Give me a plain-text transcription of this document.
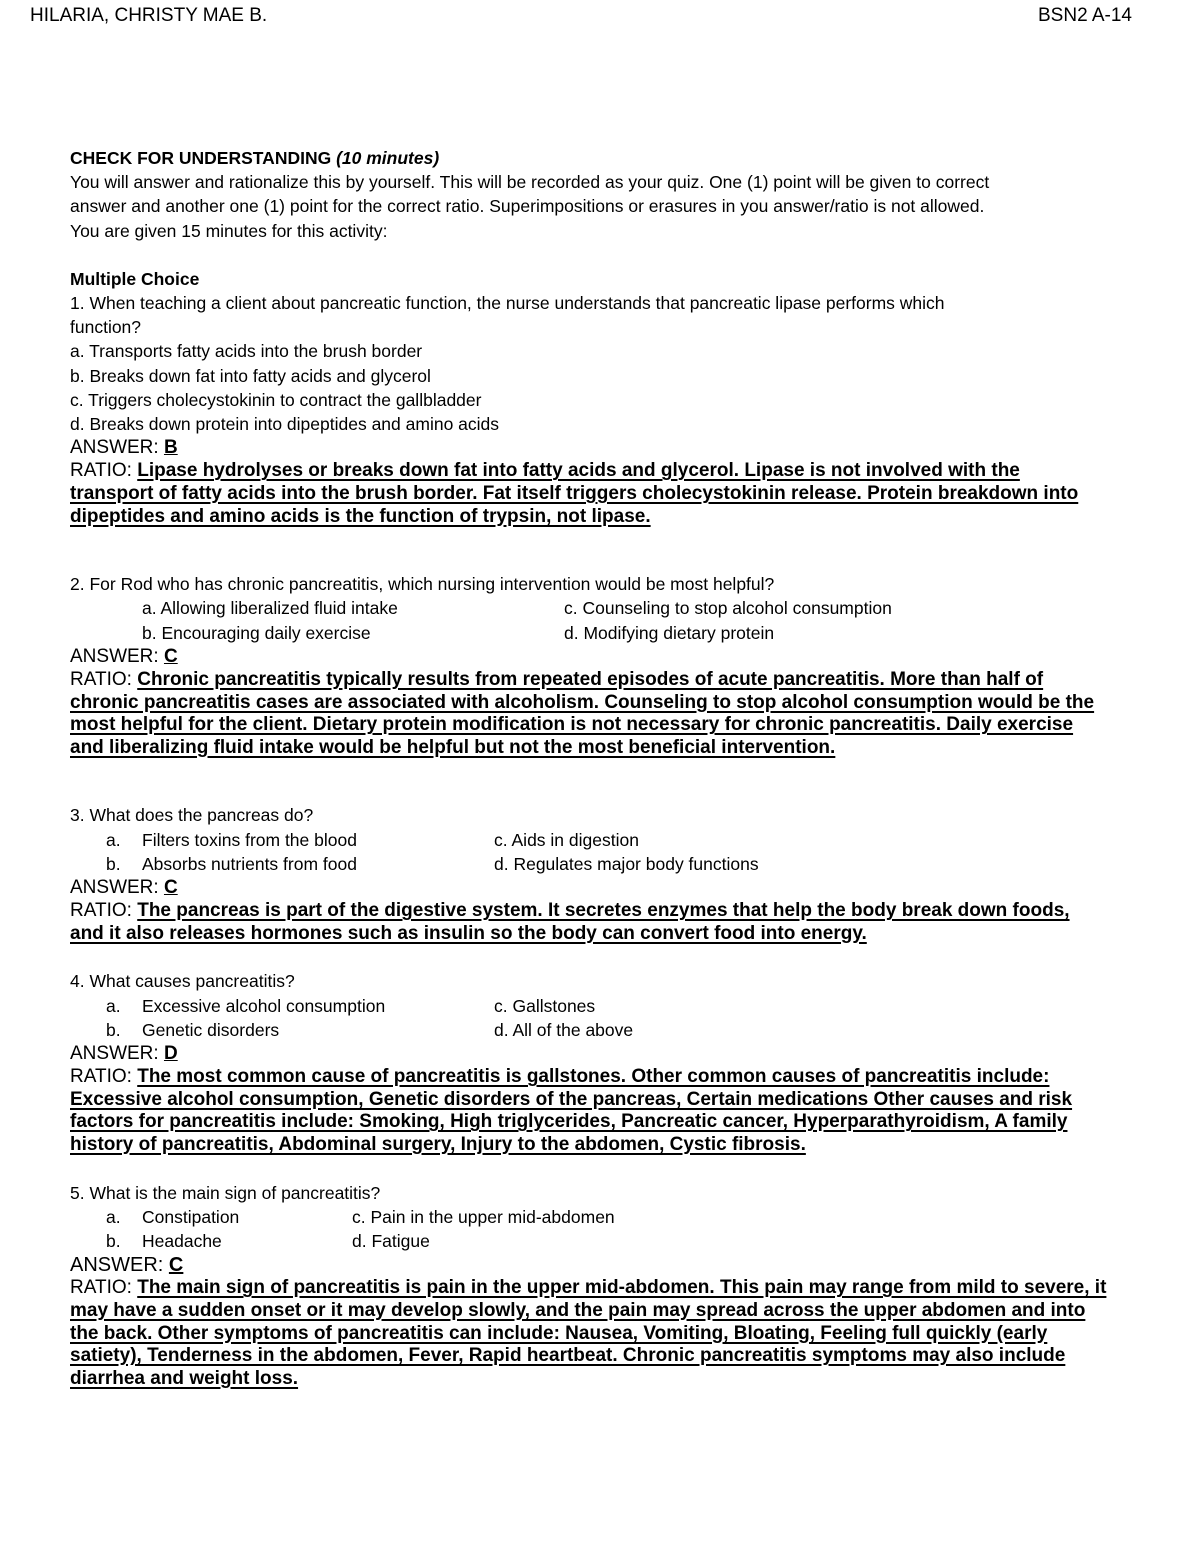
HILARIA, CHRISTY MAE B.	BSN2 A-14

CHECK FOR UNDERSTANDING (10 minutes)

You will answer and rationalize this by yourself. This will be recorded as your quiz. One (1) point will be given to correct

answer and another one (1) point for the correct ratio. Superimpositions or erasures in you answer/ratio is not allowed.

You are given 15 minutes for this activity:

Multiple Choice

1. When teaching a client about pancreatic function, the nurse understands that pancreatic lipase performs which

function?

a. Transports fatty acids into the brush border

b. Breaks down fat into fatty acids and glycerol

c. Triggers cholecystokinin to contract the gallbladder

d. Breaks down protein into dipeptides and amino acids

ANSWER: B

RATIO: Lipase hydrolyses or breaks down fat into fatty acids and glycerol. Lipase is not involved with the

transport of fatty acids into the brush border. Fat itself triggers cholecystokinin release. Protein breakdown into

dipeptides and amino acids is the function of trypsin, not lipase.

2. For Rod who has chronic pancreatitis, which nursing intervention would be most helpful?

a. Allowing liberalized fluid intake	c. Counseling to stop alcohol consumption
b. Encouraging daily exercise	d. Modifying dietary protein

ANSWER: C

RATIO: Chronic pancreatitis typically results from repeated episodes of acute pancreatitis. More than half of

chronic pancreatitis cases are associated with alcoholism. Counseling to stop alcohol consumption would be the

most helpful for the client. Dietary protein modification is not necessary for chronic pancreatitis. Daily exercise

and liberalizing fluid intake would be helpful but not the most beneficial intervention.

3. What does the pancreas do?

a. Filters toxins from the blood	c. Aids in digestion
b. Absorbs nutrients from food	d. Regulates major body functions

ANSWER: C

RATIO: The pancreas is part of the digestive system. It secretes enzymes that help the body break down foods,

and it also releases hormones such as insulin so the body can convert food into energy.

4. What causes pancreatitis?

a. Excessive alcohol consumption	c. Gallstones
b. Genetic disorders	d. All of the above

ANSWER: D

RATIO: The most common cause of pancreatitis is gallstones. Other common causes of pancreatitis include:

Excessive alcohol consumption, Genetic disorders of the pancreas, Certain medications Other causes and risk

factors for pancreatitis include: Smoking, High triglycerides, Pancreatic cancer, Hyperparathyroidism, A family

history of pancreatitis, Abdominal surgery, Injury to the abdomen, Cystic fibrosis.

5. What is the main sign of pancreatitis?

a. Constipation	c. Pain in the upper mid-abdomen
b. Headache	d. Fatigue

ANSWER: C

RATIO: The main sign of pancreatitis is pain in the upper mid-abdomen. This pain may range from mild to severe, it

may have a sudden onset or it may develop slowly, and the pain may spread across the upper abdomen and into

the back. Other symptoms of pancreatitis can include: Nausea, Vomiting, Bloating, Feeling full quickly (early

satiety), Tenderness in the abdomen, Fever, Rapid heartbeat. Chronic pancreatitis symptoms may also include

diarrhea and weight loss.
